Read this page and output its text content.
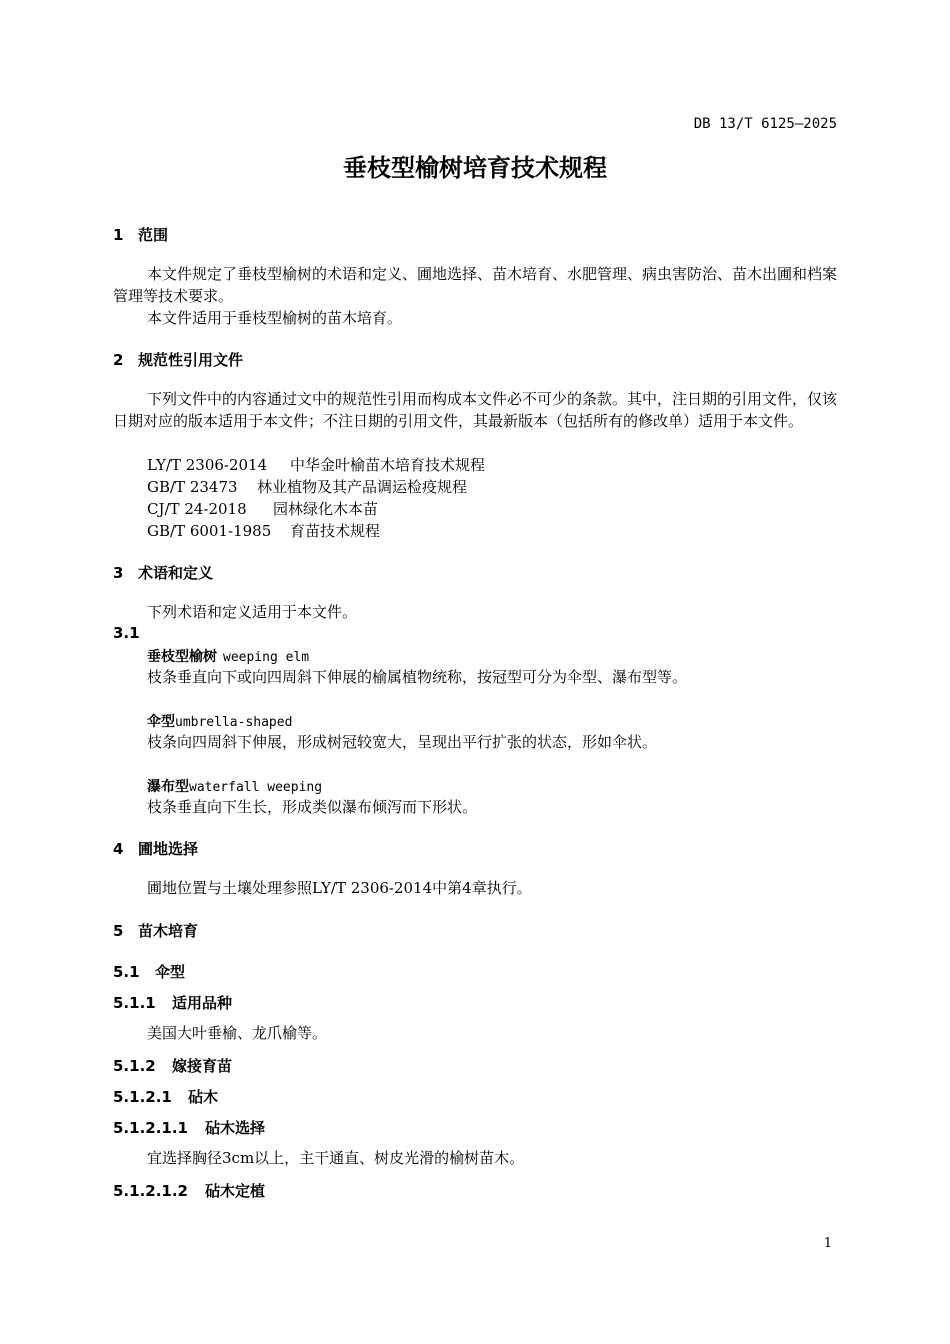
DB 13/T 6125—2025
垂枝型榆树培育技术规程
1 范围
本文件规定了垂枝型榆树的术语和定义、圃地选择、苗木培育、水肥管理、病虫害防治、苗木出圃和档案管理等技术要求。
本文件适用于垂枝型榆树的苗木培育。
2 规范性引用文件
下列文件中的内容通过文中的规范性引用而构成本文件必不可少的条款。其中，注日期的引用文件，仅该日期对应的版本适用于本文件；不注日期的引用文件，其最新版本（包括所有的修改单）适用于本文件。
LY/T 2306-2014 中华金叶榆苗木培育技术规程
GB/T 23473 林业植物及其产品调运检疫规程
CJ/T 24-2018 园林绿化木本苗
GB/T 6001-1985 育苗技术规程
3 术语和定义
下列术语和定义适用于本文件。
3.1
垂枝型榆树 weeping elm
枝条垂直向下或向四周斜下伸展的榆属植物统称，按冠型可分为伞型、瀑布型等。
伞型umbrella-shaped
枝条向四周斜下伸展，形成树冠较宽大，呈现出平行扩张的状态，形如伞状。
瀑布型waterfall weeping
枝条垂直向下生长，形成类似瀑布倾泻而下形状。
4 圃地选择
圃地位置与土壤处理参照LY/T 2306-2014中第4章执行。
5 苗木培育
5.1 伞型
5.1.1 适用品种
美国大叶垂榆、龙爪榆等。
5.1.2 嫁接育苗
5.1.2.1 砧木
5.1.2.1.1 砧木选择
宜选择胸径3cm以上，主干通直、树皮光滑的榆树苗木。
5.1.2.1.2 砧木定植
1
